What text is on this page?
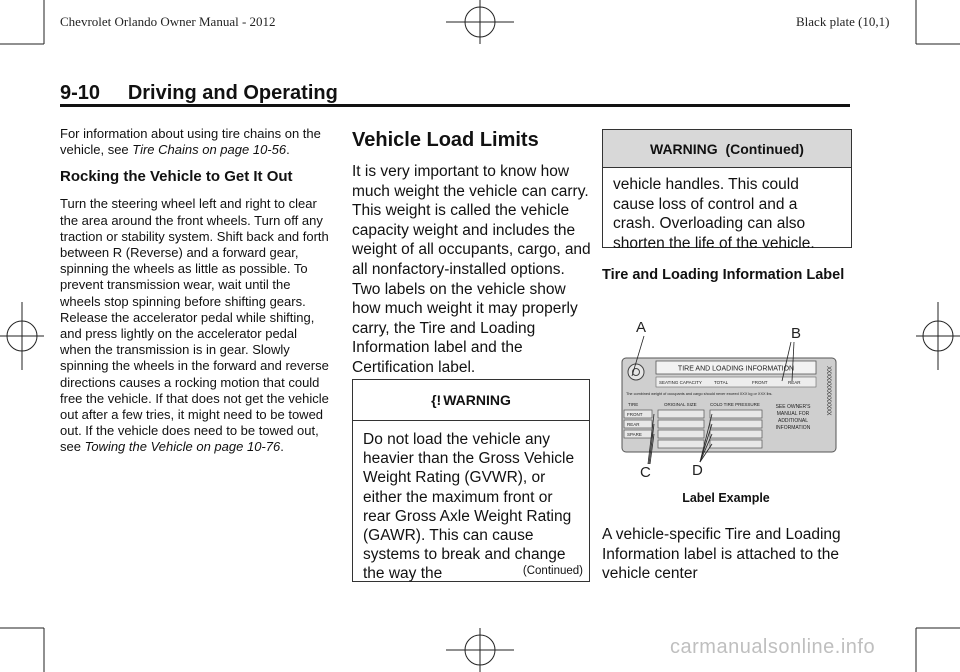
Chevrolet Orlando Owner Manual - 2012	Black plate (10,1)
9-10     Driving and Operating

For information about using tire chains on the vehicle, see Tire Chains on page 10-56.

Rocking the Vehicle to Get It Out

Turn the steering wheel left and right to clear the area around the front wheels. Turn off any traction or stability system. Shift back and forth between R (Reverse) and a forward gear, spinning the wheels as little as possible. To prevent transmission wear, wait until the wheels stop spinning before shifting gears. Release the accelerator pedal while shifting, and press lightly on the accelerator pedal when the transmission is in gear. Slowly spinning the wheels in the forward and reverse directions causes a rocking motion that could free the vehicle. If that does not get the vehicle out after a few tries, it might need to be towed out. If the vehicle does need to be towed out, see Towing the Vehicle on page 10-76.

Vehicle Load Limits

It is very important to know how much weight the vehicle can carry. This weight is called the vehicle capacity weight and includes the weight of all occupants, cargo, and all nonfactory-installed options. Two labels on the vehicle show how much weight it may properly carry, the Tire and Loading Information label and the Certification label.

{! WARNING
Do not load the vehicle any heavier than the Gross Vehicle Weight Rating (GVWR), or either the maximum front or rear Gross Axle Weight Rating (GAWR). This can cause systems to break and change the way the	(Continued)
WARNING  (Continued)
vehicle handles. This could cause loss of control and a crash. Overloading can also shorten the life of the vehicle.
Tire and Loading Information Label
A	B
C	D
TIRE AND LOADING INFORMATION
SEATING CAPACITY	TOTAL	FRONT	REAR
The combined weight of occupants and cargo should never exceed XXX kg or XXX lbs.
TIRE	ORIGINAL SIZE	COLD TIRE PRESSURE
FRONT
REAR
SPARE
SEE OWNER'S
MANUAL FOR
ADDITIONAL
INFORMATION
XXXXXXXXXXXXXX
Label Example
A vehicle-specific Tire and Loading Information label is attached to the vehicle center
carmanualsonline.info
